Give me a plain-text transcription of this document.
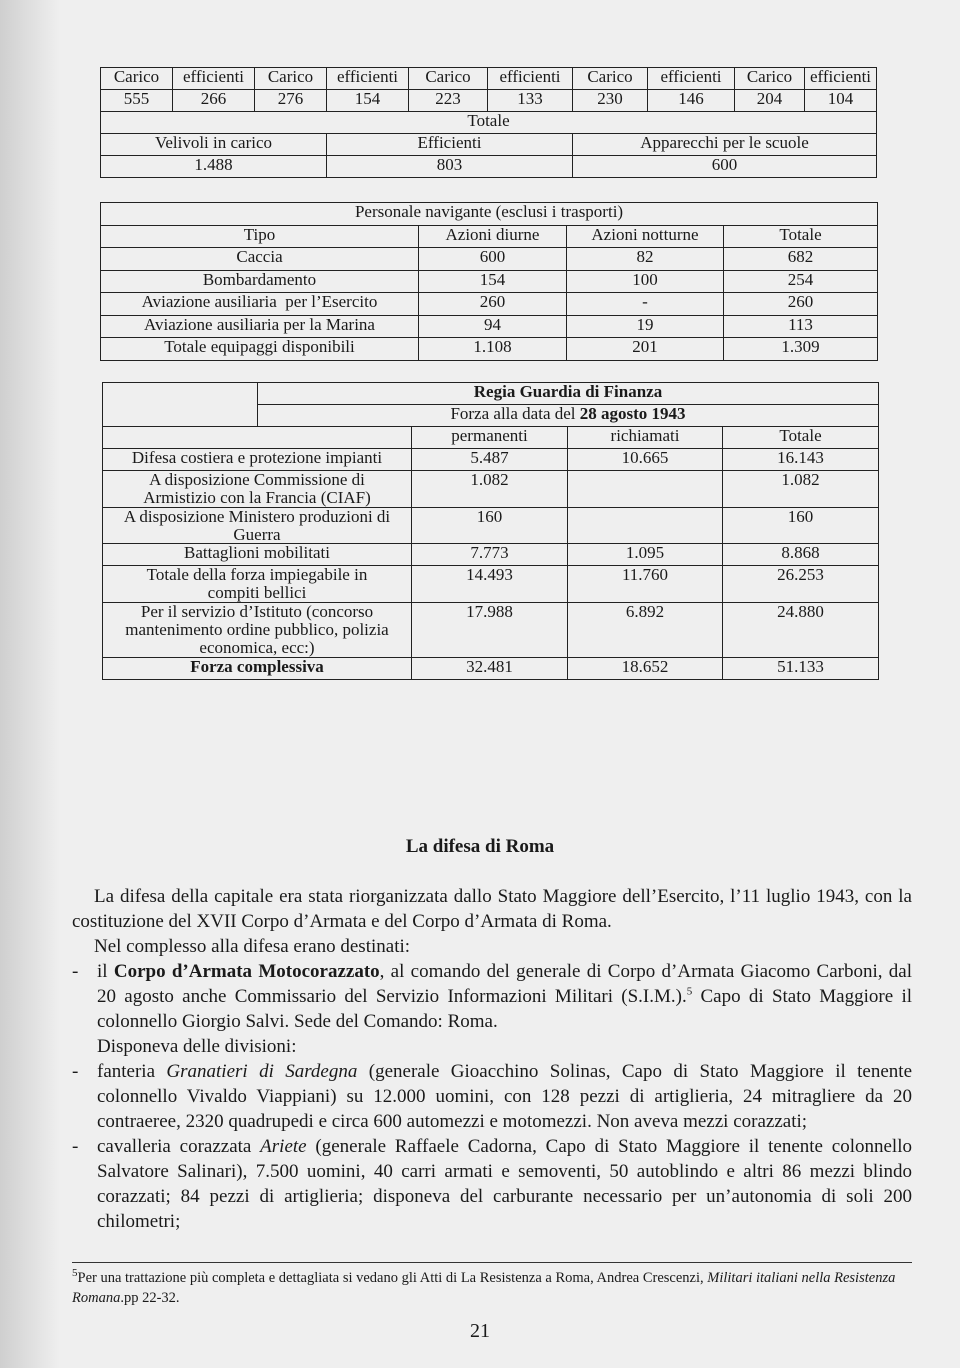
Carico	efficienti	Carico	efficienti	Carico	efficienti	Carico	efficienti	Carico	efficienti
555	266	276	154	223	133	230	146	204	104
Totale									
Velivoli in carico			Efficienti			Apparecchi per le scuole			
1.488			803			600			
Personale navigante (esclusi i trasporti)			
Tipo	Azioni diurne	Azioni notturne	Totale
Caccia	600	82	682
Bombardamento	154	100	254
Aviazione ausiliaria  per l’Esercito	260	-	260
Aviazione ausiliaria per la Marina	94	19	113
Totale equipaggi disponibili	1.108	201	1.309
	Regia Guardia di Finanza			
	Forza alla data del 28 agosto 1943			
		permanenti	richiamati	Totale
Difesa costiera e protezione impianti		5.487	10.665	16.143
A disposizione Commissione di Armistizio con la Francia (CIAF)		1.082		1.082
A disposizione Ministero produzioni di Guerra		160		160
Battaglioni mobilitati		7.773	1.095	8.868
Totale della forza impiegabile in compiti bellici		14.493	11.760	26.253
Per il servizio d’Istituto (concorso mantenimento ordine pubblico, polizia economica, ecc:)		17.988	6.892	24.880
Forza complessiva		32.481	18.652	51.133
La difesa di Roma

La difesa della capitale era stata riorganizzata dallo Stato Maggiore dell’Esercito, l’11 luglio 1943, con la costituzione del XVII Corpo d’Armata e del Corpo d’Armata di Roma.

Nel complesso alla difesa erano destinati:

- il Corpo d’Armata Motocorazzato, al comando del generale di Corpo d’Armata Giacomo Carboni, dal 20 agosto anche Commissario del Servizio Informazioni Militari (S.I.M.).$^5$ Capo di Stato Maggiore il colonnello Giorgio Salvi. Sede del Comando: Roma.

Disponeva delle divisioni:

- fanteria Granatieri di Sardegna (generale Gioacchino Solinas, Capo di Stato Maggiore il tenente colonnello Vivaldo Viappiani) su 12.000 uomini, con 128 pezzi di artiglieria, 24 mitragliere da 20 contraeree, 2320 quadrupedi e circa 600 automezzi e motomezzi. Non aveva mezzi corazzati;

- cavalleria corazzata Ariete (generale Raffaele Cadorna, Capo di Stato Maggiore il tenente colonnello Salvatore Salinari), 7.500 uomini, 40 carri armati e semoventi, 50 autoblindo e altri 86 mezzi blindo corazzati; 84 pezzi di artiglieria; disponeva del carburante necessario per un’autonomia di soli 200 chilometri;

$^5$Per una trattazione più completa e dettagliata si vedano gli Atti di La Resistenza a Roma, Andrea Crescenzi, Militari italiani nella Resistenza Romana.pp 22-32.
21
